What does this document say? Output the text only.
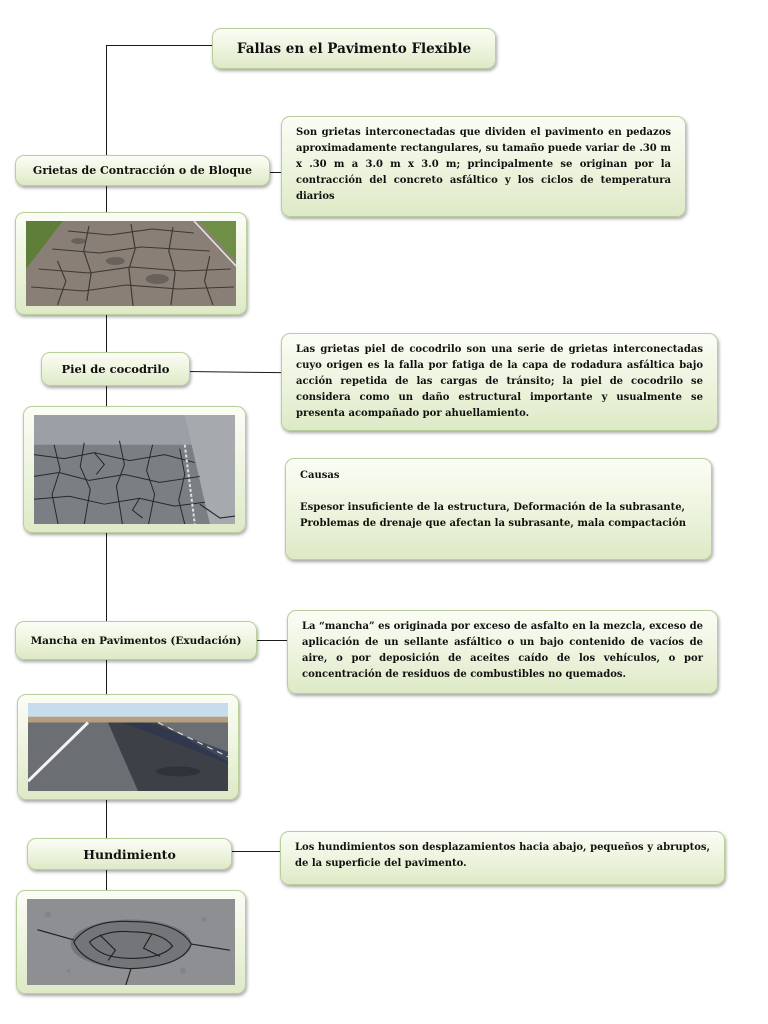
Fallas en el Pavimento Flexible
Grietas de Contracción o de Bloque
Son grietas interconectadas que dividen el pavimento en pedazos aproximadamente rectangulares, su tamaño puede variar de .30 m x .30 m a 3.0 m x 3.0 m; principalmente se originan por la contracción del concreto asfáltico y los ciclos de temperatura diarios
Piel de cocodrilo
Las grietas piel de cocodrilo son una serie de grietas interconectadas cuyo origen es la falla por fatiga de la capa de rodadura asfáltica bajo acción repetida de las cargas de tránsito; la piel de cocodrilo se considera como un daño estructural importante y usualmente se presenta acompañado por ahuellamiento.

Causas

Espesor insuficiente de la estructura, Deformación de la subrasante, Problemas de drenaje que afectan la subrasante, mala compactación

Mancha en Pavimentos (Exudación)
La “mancha” es originada por exceso de asfalto en la mezcla, exceso de aplicación de un sellante asfáltico o un bajo contenido de vacíos de aire, o por deposición de aceites caído de los vehículos, o por concentración de residuos de combustibles no quemados.
Hundimiento	Los hundimientos son desplazamientos hacia abajo, pequeños y abruptos, de la superficie del pavimento.
